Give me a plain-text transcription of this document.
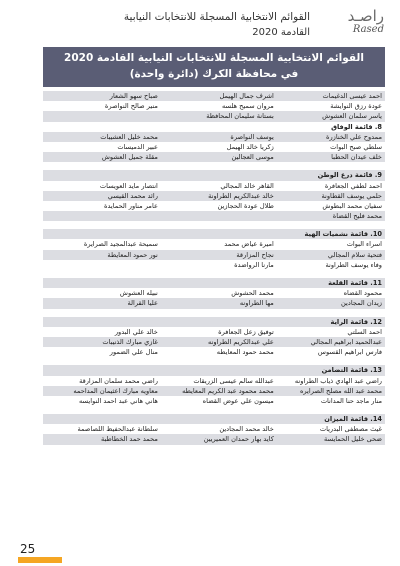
راصـد
Rased
القوائم الانتخابية المسجلة للانتخابات النيابية
القادمة 2020
القوائم الانتخابية المسجلة للانتخابات النيابية القادمة 2020
في محافظة الكرك (دائرة واحدة)
احمد عيسى الدغيمات
اشرف جمال الهيمل
صباح سهو الشعار
عودة رزق النوايشة
مروان سميح هلسه
منير صالح النواصرة
ياسر سلمان العشوش
بستانة سليمان المحافظة
8. قائمة الوفاق
ممدوح علي الخنازرة
يوسف النواصرة
محمد خليل العشيبات
سلطي صبح البوات
زكريا خالد الهيمل
عبير الدميسات
خلف عيدان الحطبا
موسى العجالين
مقلة جميل العشوش
9. قائمة درع الوطن
احمد لطفي الجعافرة
القاهر خالد المجالي
انتصار مايد العويسات
حلمي يوسف القطاونة
خالد عبدالكريم الطراونة
رائد محمد القيسي
سفيان محمد البطوش
طلال عودة الحجازين
عامر مناور الحمايدة
محمد فليح القضاة
10. قائمة نشميات الهية
اسراء البوات
اميرة عياض محمد
سميحة عبدالمجيد الصرايرة
فتحية سلام المجالي
نجاح المزارقة
نور حمود المعايطة
وفاء يوسف الطراونة
مارنا الرواضدة
11. قائمة القلعة
محمود القضاه
محمد الحشوش
نبيله العشوش
زيدان المجادين
مها الطراونه
عليا القرالة
12. قائمة الراية
احمد السلتي
توفيق زعل الجعافرة
خالد علي البدور
عبدالحميد ابراهيم المجالي
علي عبدالكريم الطراونه
غازي مبارك الذنيبات
فارس ابراهيم القسوس
محمد حمود المعايطه
منال علي الضمور
13. قائمة التضامن
راضي عبد الهادي ذياب الطراونه
عبدالله سالم عيسى الزريقات
راضي محمد سلمان المزارقة
محمد عبد الله مصلح الصرايره
محمد محمود عبد الكريم المعايطه
معاويه مبارك اعثيمان المداحمه
منار ماجد حنا المدانات
ميسون علي عوض القضاه
هاني هاني عبد احمد النوايسه
14. قائمة الميزان
غيث مصطفى البدريات
خالد محمد المجادين
سلطانة عبدالحفيظ اللصاصمة
ضحى خليل الحمايسة
كايد بهار حمدان العميريين
محمد حمد الخطاطبة
25
